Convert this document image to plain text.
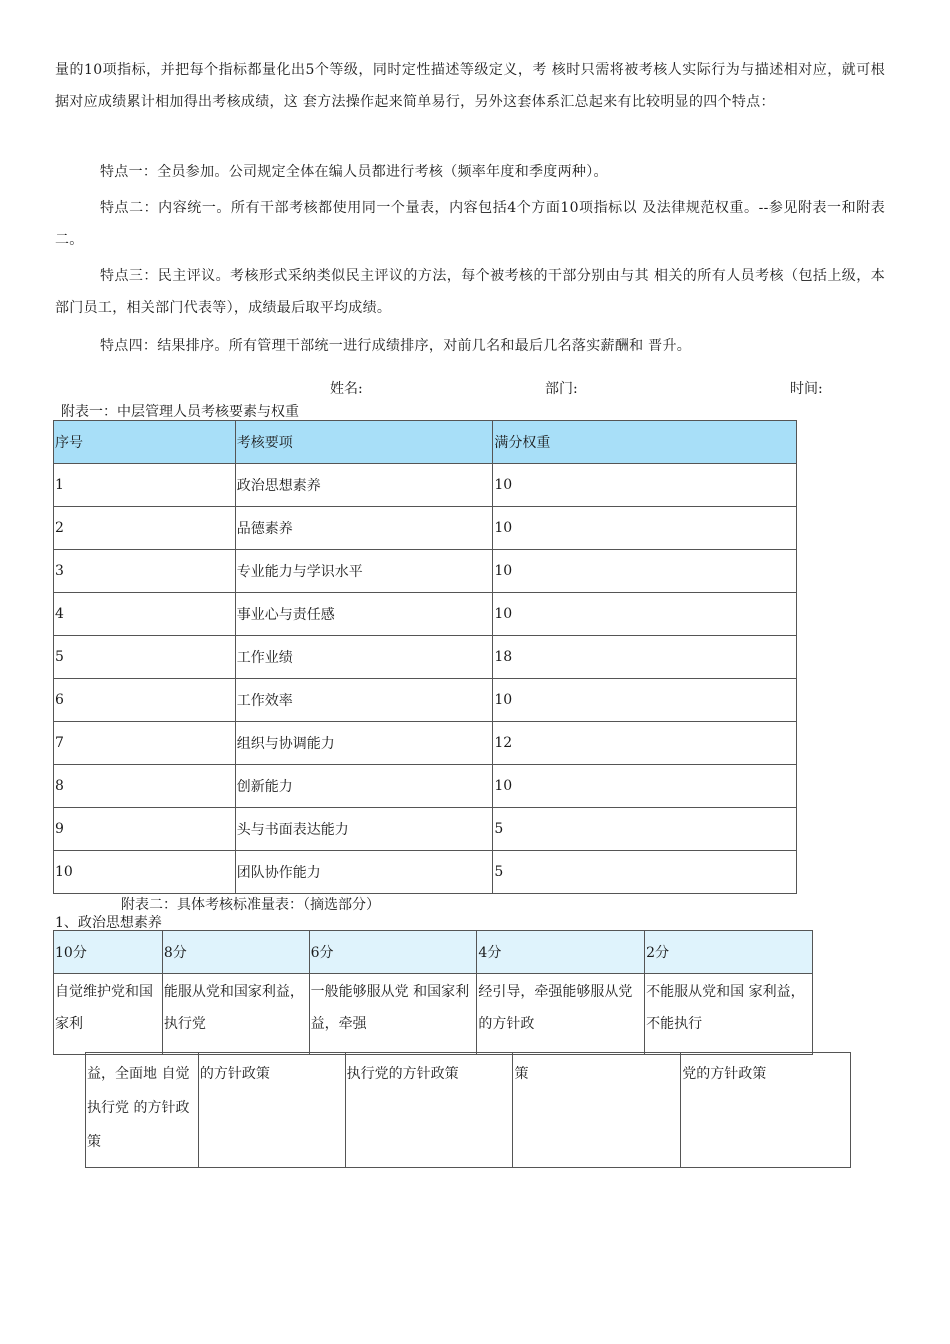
量的10项指标，并把每个指标都量化出5个等级，同时定性描述等级定义，考 核时只需将被考核人实际行为与描述相对应，就可根据对应成绩累计相加得出考核成绩，这 套方法操作起来简单易行，另外这套体系汇总起来有比较明显的四个特点：

特点一：全员参加。公司规定全体在编人员都进行考核（频率年度和季度两种）。

特点二：内容统一。所有干部考核都使用同一个量表，内容包括4个方面10项指标以 及法律规范权重。--参见附表一和附表二。

特点三：民主评议。考核形式采纳类似民主评议的方法，每个被考核的干部分别由与其 相关的所有人员考核（包括上级，本部门员工，相关部门代表等），成绩最后取平均成绩。

特点四：结果排序。所有管理干部统一进行成绩排序，对前几名和最后几名落实薪酬和 晋升。

姓名:	部门:	时间:
附表一：中层管理人员考核要素与权重
序号	考核要项	满分权重
1	政治思想素养	10
2	品德素养	10
3	专业能力与学识水平	10
4	事业心与责任感	10
5	工作业绩	18
6	工作效率	10
7	组织与协调能力	12
8	创新能力	10
9	头与书面表达能力	5
10	团队协作能力	5
附表二：具体考核标准量表：（摘选部分）
1、政治思想素养
10分	8分	6分	4分	2分
自觉维护党和国家利	能服从党和国家利益，执行党	一般能够服从党 和国家利益，牵强	经引导，牵强能够服从党的方针政	不能服从党和国 家利益，不能执行
益，全面地 自觉执行党 的方针政策	的方针政策	执行党的方针政策	策	党的方针政策
